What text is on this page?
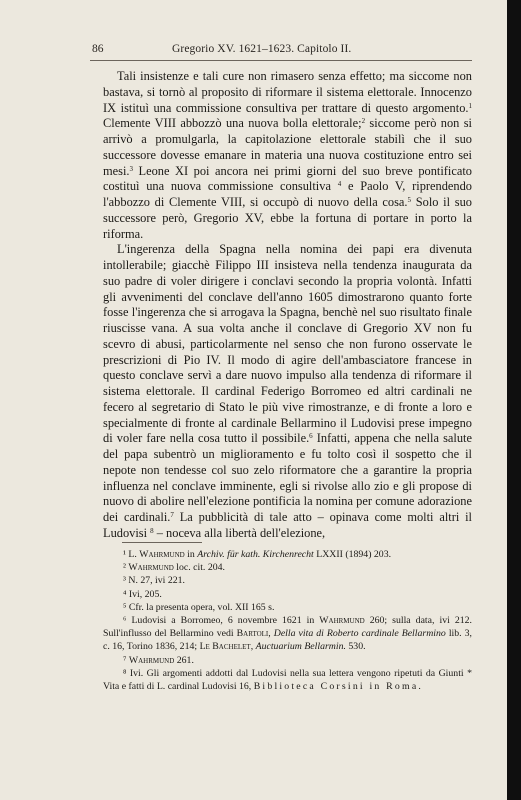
86	Gregorio XV. 1621–1623. Capitolo II.

Tali insistenze e tali cure non rimasero senza effetto; ma siccome non bastava, si tornò al proposito di riformare il sistema elettorale. Innocenzo IX istituì una commissione consultiva per trattare di questo argomento.$^1$ Clemente VIII abbozzò una nuova bolla elettorale;$^2$ siccome però non si arrivò a promulgarla, la capitolazione elettorale stabilì che il suo successore dovesse emanare in materia una nuova costituzione entro sei mesi.$^3$ Leone XI poi ancora nei primi giorni del suo breve pontificato costituì una nuova commissione consultiva $^4$ e Paolo V, riprendendo l'abbozzo di Clemente VIII, si occupò di nuovo della cosa.$^5$ Solo il suo successore però, Gregorio XV, ebbe la fortuna di portare in porto la riforma.

L'ingerenza della Spagna nella nomina dei papi era divenuta intollerabile; giacchè Filippo III insisteva nella tendenza inaugurata da suo padre di voler dirigere i conclavi secondo la propria volontà. Infatti gli avvenimenti del conclave dell'anno 1605 dimostrarono quanto forte fosse l'ingerenza che si arrogava la Spagna, benchè nel suo risultato finale riuscisse vana. A sua volta anche il conclave di Gregorio XV non fu scevro di abusi, particolarmente nel senso che non furono osservate le prescrizioni di Pio IV. Il modo di agire dell'ambasciatore francese in questo conclave servì a dare nuovo impulso alla tendenza di riformare il sistema elettorale. Il cardinal Federigo Borromeo ed altri cardinali ne fecero al segretario di Stato le più vive rimostranze, e di fronte a loro e specialmente di fronte al cardinale Bellarmino il Ludovisi prese impegno di voler fare nella cosa tutto il possibile.$^6$ Infatti, appena che nella salute del papa subentrò un miglioramento e fu tolto così il sospetto che il nepote non tendesse col suo zelo riformatore che a garantire la propria influenza nel conclave imminente, egli si rivolse allo zio e gli propose di nuovo di abolire nell'elezione pontificia la nomina per comune adorazione dei cardinali.$^7$ La pubblicità di tale atto – opinava come molti altri il Ludovisi $^8$ – noceva alla libertà dell'elezione,

¹ L. Wahrmund in Archiv. für kath. Kirchenrecht LXXII (1894) 203.

² Wahrmund loc. cit. 204.

³ N. 27, ivi 221.

⁴ Ivi, 205.

⁵ Cfr. la presenta opera, vol. XII 165 s.

⁶ Ludovisi a Borromeo, 6 novembre 1621 in Wahrmund 260; sulla data, ivi 212. Sull'influsso del Bellarmino vedi Bartoli, Della vita di Roberto cardinale Bellarmino lib. 3, c. 16, Torino 1836, 214; Le Bachelet, Auctuarium Bellarmin. 530.

⁷ Wahrmund 261.

⁸ Ivi. Gli argomenti addotti dal Ludovisi nella sua lettera vengono ripetuti da Giunti * Vita e fatti di L. cardinal Ludovisi 16, Biblioteca Corsini in Roma.
